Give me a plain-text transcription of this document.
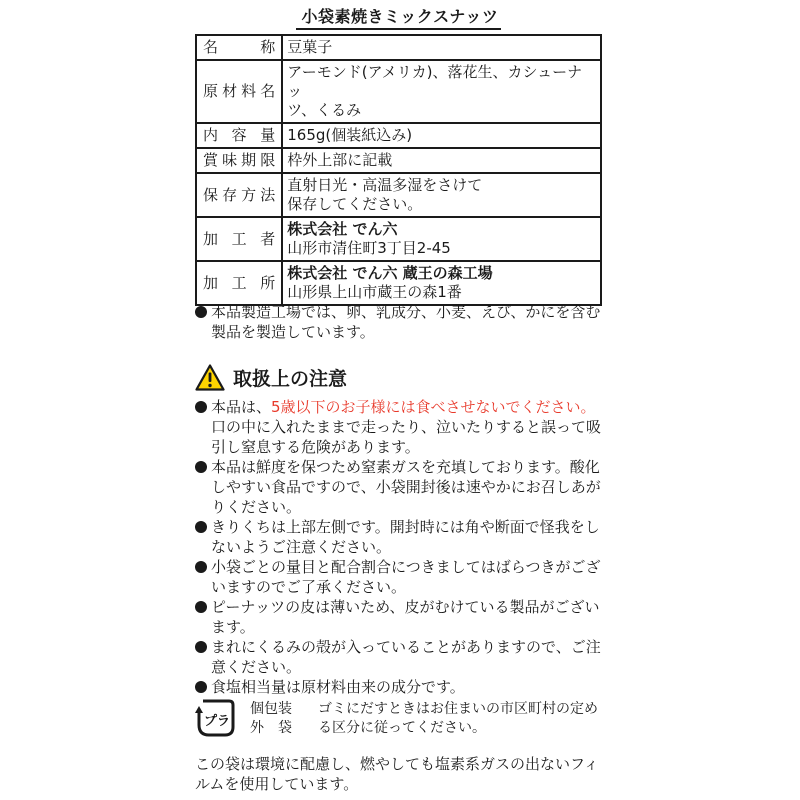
小袋素焼きミックスナッツ
名称	豆菓子
原材料名	アーモンド(アメリカ)、落花生、カシューナッ
ツ、くるみ

内容量	165g(個装紙込み)
賞味期限	枠外上部に記載
保存方法	直射日光・高温多湿をさけて
保存してください。

加工者	株式会社 でん六
山形市清住町3丁目2-45

加工所	株式会社 でん六 蔵王の森工場
山形県上山市蔵王の森1番
本品製造工場では、卵、乳成分、小麦、えび、かにを含む製品を製造しています。
取扱上の注意
本品は、5歳以下のお子様には食べさせないでください。口の中に入れたままで走ったり、泣いたりすると誤って吸引し窒息する危険があります。
本品は鮮度を保つため窒素ガスを充填しております。酸化しやすい食品ですので、小袋開封後は速やかにお召しあがりください。
きりくちは上部左側です。開封時には角や断面で怪我をしないようご注意ください。
小袋ごとの量目と配合割合につきましてはばらつきがございますのでご了承ください。
ピーナッツの皮は薄いため、皮がむけている製品がございます。
まれにくるみの殻が入っていることがありますので、ご注意ください。
食塩相当量は原材料由来の成分です。
プラ
個包装
外　袋
ゴミにだすときはお住まいの市区町村の定める区分に従ってください。
この袋は環境に配慮し、燃やしても塩素系ガスの出ないフィルムを使用しています。
